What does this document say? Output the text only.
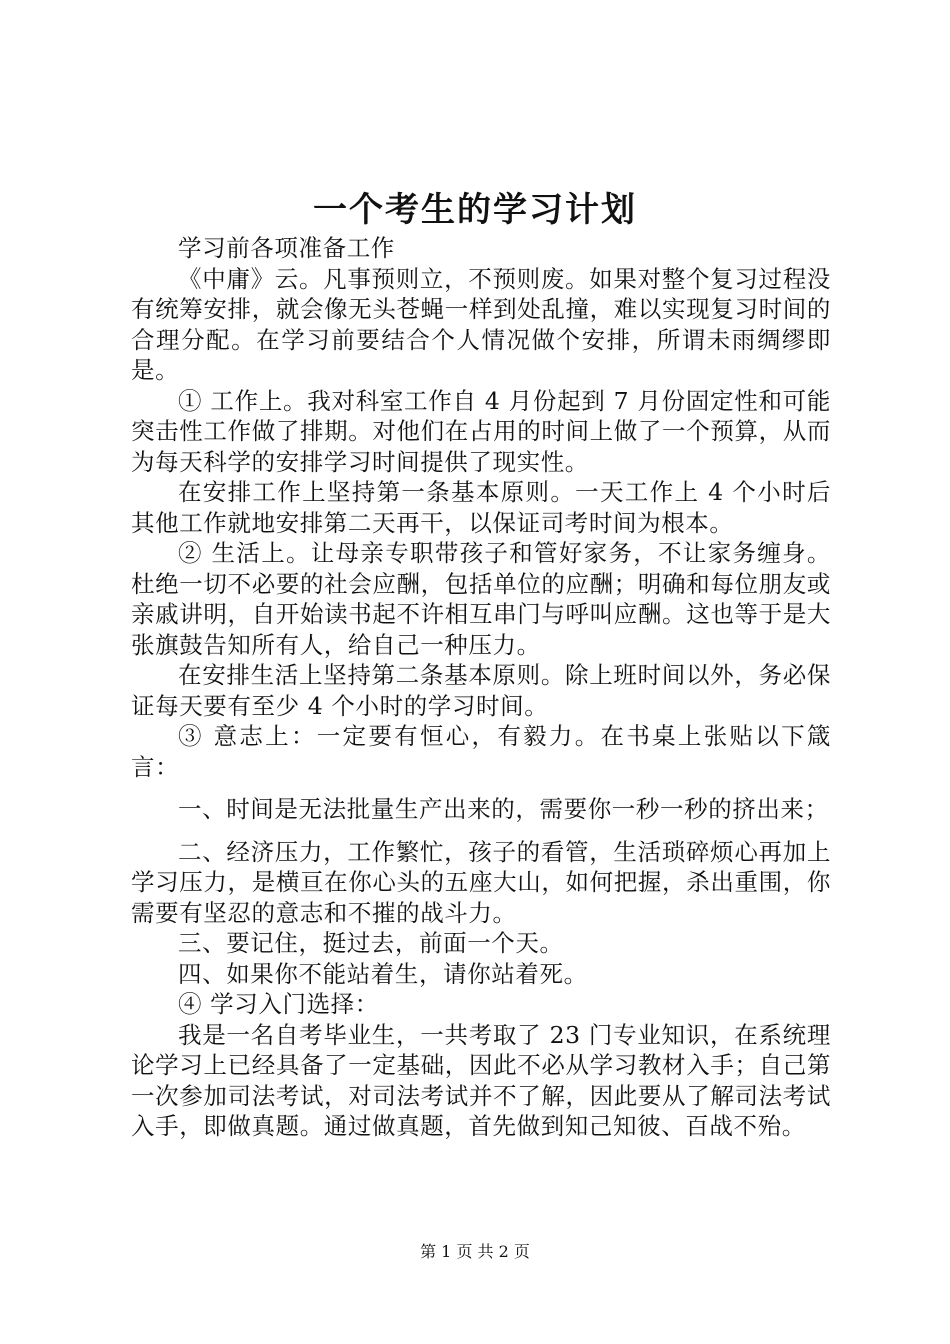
一个考生的学习计划

学习前各项准备工作

《中庸》云。凡事预则立，不预则废。如果对整个复习过程没有统筹安排，就会像无头苍蝇一样到处乱撞，难以实现复习时间的合理分配。在学习前要结合个人情况做个安排，所谓未雨绸缪即是。

① 工作上。我对科室工作自 4 月份起到 7 月份固定性和可能突击性工作做了排期。对他们在占用的时间上做了一个预算，从而为每天科学的安排学习时间提供了现实性。

在安排工作上坚持第一条基本原则。一天工作上 4 个小时后其他工作就地安排第二天再干，以保证司考时间为根本。

② 生活上。让母亲专职带孩子和管好家务，不让家务缠身。杜绝一切不必要的社会应酬，包括单位的应酬；明确和每位朋友或亲戚讲明，自开始读书起不许相互串门与呼叫应酬。这也等于是大张旗鼓告知所有人，给自己一种压力。

在安排生活上坚持第二条基本原则。除上班时间以外，务必保证每天要有至少 4 个小时的学习时间。

③ 意志上：一定要有恒心，有毅力。在书桌上张贴以下箴言：

一、时间是无法批量生产出来的，需要你一秒一秒的挤出来；

二、经济压力，工作繁忙，孩子的看管，生活琐碎烦心再加上学习压力，是横亘在你心头的五座大山，如何把握，杀出重围，你需要有坚忍的意志和不摧的战斗力。

三、要记住，挺过去，前面一个天。

四、如果你不能站着生，请你站着死。

④ 学习入门选择：

我是一名自考毕业生，一共考取了 23 门专业知识，在系统理论学习上已经具备了一定基础，因此不必从学习教材入手；自己第一次参加司法考试，对司法考试并不了解，因此要从了解司法考试入手，即做真题。通过做真题，首先做到知己知彼、百战不殆。

第 1 页 共 2 页
